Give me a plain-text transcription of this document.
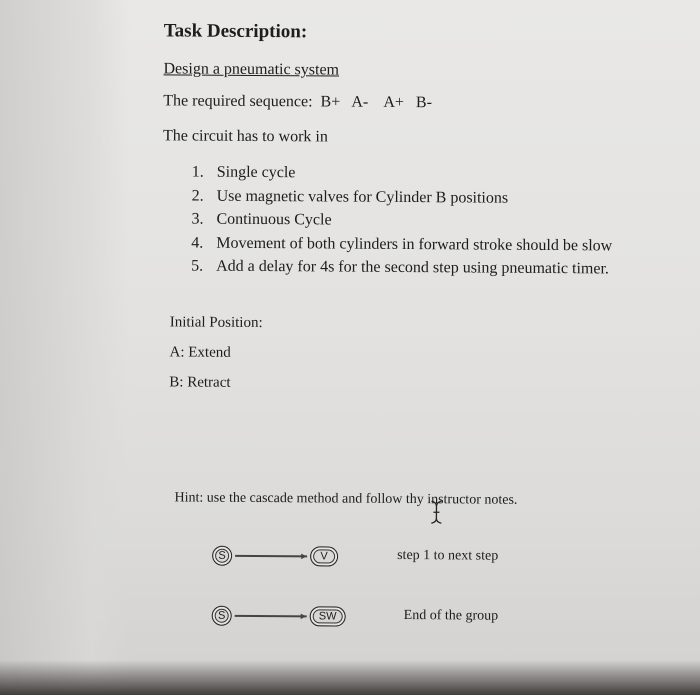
Task Description:
Design a pneumatic system
The required sequence:  B+   A-    A+   B-
The circuit has to work in
1. Single cycle
2. Use magnetic valves for Cylinder B positions
3. Continuous Cycle
4. Movement of both cylinders in forward stroke should be slow
5. Add a delay for 4s for the second step using pneumatic timer.
Initial Position:
A: Extend
B: Retract
Hint: use the cascade method and follow thy instructor notes.
S	▸	V	step 1 to next step
S	▸	SW	End of the group
